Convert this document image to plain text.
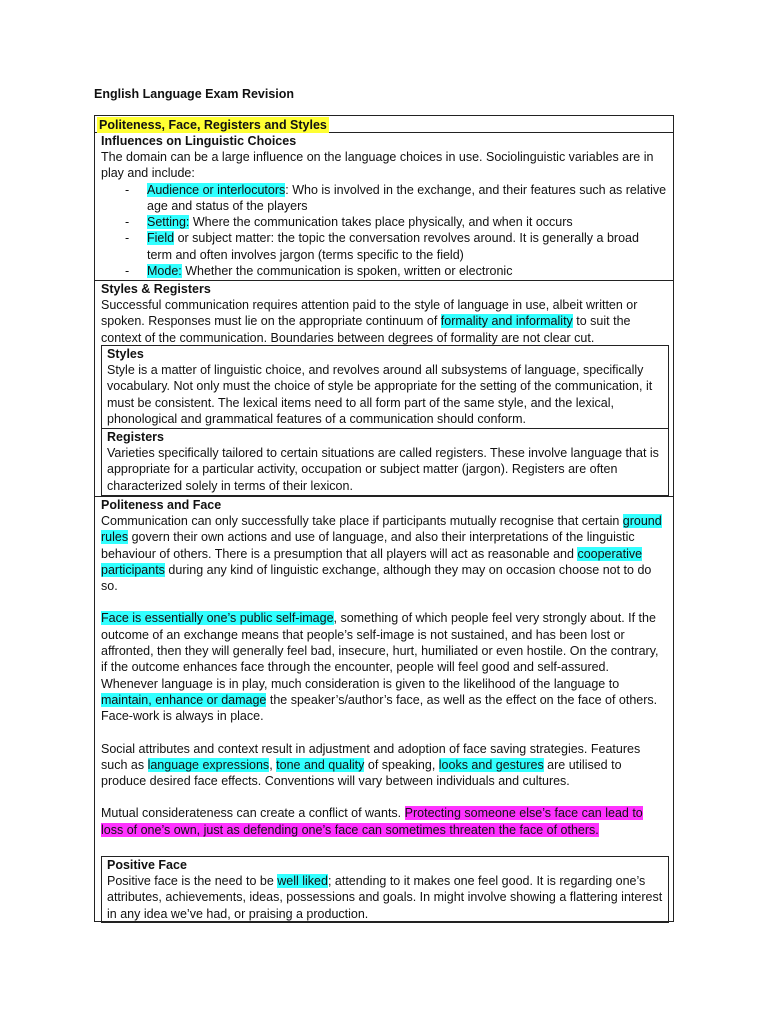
English Language Exam Revision
Politeness, Face, Registers and Styles
Influences on Linguistic Choices

The domain can be a large influence on the language choices in use. Sociolinguistic variables are in play and include:

- Audience or interlocutors: Who is involved in the exchange, and their features such as relative age and status of the players
- Setting: Where the communication takes place physically, and when it occurs
- Field or subject matter: the topic the conversation revolves around. It is generally a broad term and often involves jargon (terms specific to the field)
- Mode: Whether the communication is spoken, written or electronic
Styles & Registers

Successful communication requires attention paid to the style of language in use, albeit written or spoken. Responses must lie on the appropriate continuum of formality and informality to suit the context of the communication. Boundaries between degrees of formality are not clear cut.

Styles

Style is a matter of linguistic choice, and revolves around all subsystems of language, specifically vocabulary. Not only must the choice of style be appropriate for the setting of the communication, it must be consistent. The lexical items need to all form part of the same style, and the lexical, phonological and grammatical features of a communication should conform.

Registers

Varieties specifically tailored to certain situations are called registers. These involve language that is appropriate for a particular activity, occupation or subject matter (jargon). Registers are often characterized solely in terms of their lexicon.

Politeness and Face

Communication can only successfully take place if participants mutually recognise that certain ground rules govern their own actions and use of language, and also their interpretations of the linguistic behaviour of others. There is a presumption that all players will act as reasonable and cooperative participants during any kind of linguistic exchange, although they may on occasion choose not to do so.

Face is essentially one’s public self-image, something of which people feel very strongly about. If the outcome of an exchange means that people’s self-image is not sustained, and has been lost or affronted, then they will generally feel bad, insecure, hurt, humiliated or even hostile. On the contrary, if the outcome enhances face through the encounter, people will feel good and self-assured. Whenever language is in play, much consideration is given to the likelihood of the language to maintain, enhance or damage the speaker’s/author’s face, as well as the effect on the face of others. Face-work is always in place.

Social attributes and context result in adjustment and adoption of face saving strategies. Features such as language expressions, tone and quality of speaking, looks and gestures are utilised to produce desired face effects. Conventions will vary between individuals and cultures.

Mutual considerateness can create a conflict of wants. Protecting someone else’s face can lead to loss of one’s own, just as defending one’s face can sometimes threaten the face of others.

Positive Face

Positive face is the need to be well liked; attending to it makes one feel good. It is regarding one’s attributes, achievements, ideas, possessions and goals. In might involve showing a flattering interest in any idea we’ve had, or praising a production.
